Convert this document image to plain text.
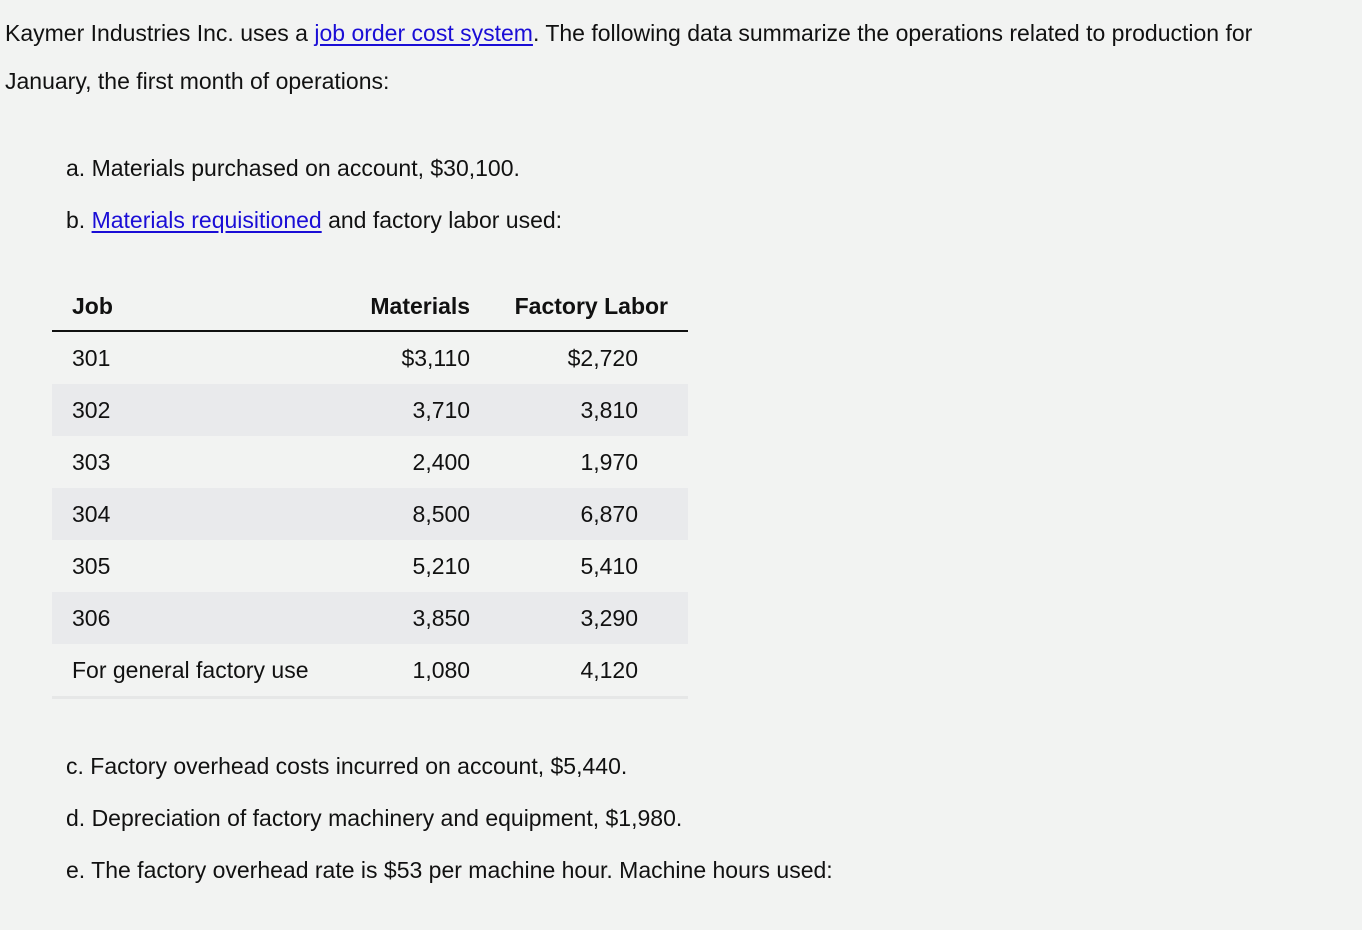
Kaymer Industries Inc. uses a job order cost system. The following data summarize the operations related to production for January, the first month of operations:

a. Materials purchased on account, $30,100.

b. Materials requisitioned and factory labor used:

Job	Materials	Factory Labor
301	$3,110	$2,720
302	3,710	3,810
303	2,400	1,970
304	8,500	6,870
305	5,210	5,410
306	3,850	3,290
For general factory use	1,080	4,120

c. Factory overhead costs incurred on account, $5,440.

d. Depreciation of factory machinery and equipment, $1,980.

e. The factory overhead rate is $53 per machine hour. Machine hours used:
